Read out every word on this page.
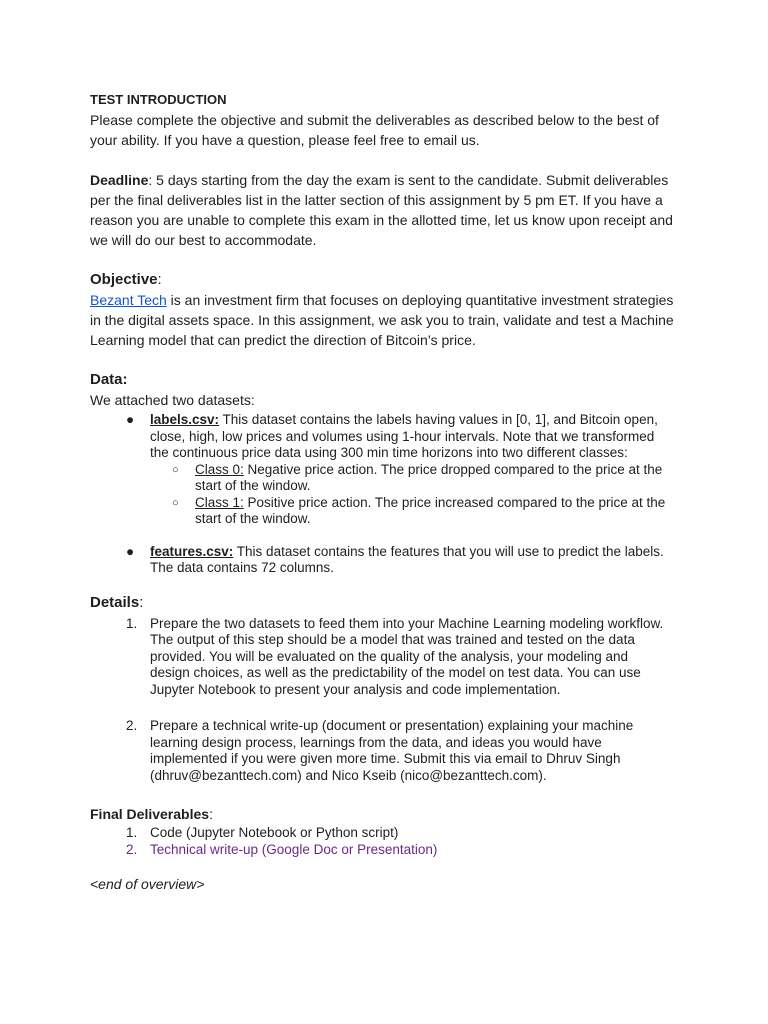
TEST INTRODUCTION

Please complete the objective and submit the deliverables as described below to the best of

your ability. If you have a question, please feel free to email us.

Deadline: 5 days starting from the day the exam is sent to the candidate. Submit deliverables

per the final deliverables list in the latter section of this assignment by 5 pm ET. If you have a

reason you are unable to complete this exam in the allotted time, let us know upon receipt and

we will do our best to accommodate.

Objective:

Bezant Tech is an investment firm that focuses on deploying quantitative investment strategies

in the digital assets space. In this assignment, we ask you to train, validate and test a Machine

Learning model that can predict the direction of Bitcoin’s price.

Data:

We attached two datasets:

●	labels.csv: This dataset contains the labels having values in [0, 1], and Bitcoin open,
close, high, low prices and volumes using 1-hour intervals. Note that we transformed
the continuous price data using 300 min time horizons into two different classes:
○ Class 0: Negative price action. The price dropped compared to the price at the
start of the window.
○ Class 1: Positive price action. The price increased compared to the price at the
start of the window.
●	features.csv: This dataset contains the features that you will use to predict the labels.
The data contains 72 columns.

Details:

1. Prepare the two datasets to feed them into your Machine Learning modeling workflow.
The output of this step should be a model that was trained and tested on the data
provided. You will be evaluated on the quality of the analysis, your modeling and
design choices, as well as the predictability of the model on test data. You can use
Jupyter Notebook to present your analysis and code implementation.
2. Prepare a technical write-up (document or presentation) explaining your machine
learning design process, learnings from the data, and ideas you would have
implemented if you were given more time. Submit this via email to Dhruv Singh
(dhruv@bezanttech.com) and Nico Kseib (nico@bezanttech.com).

Final Deliverables:

1. Code (Jupyter Notebook or Python script)
2. Technical write-up (Google Doc or Presentation)

<end of overview>
